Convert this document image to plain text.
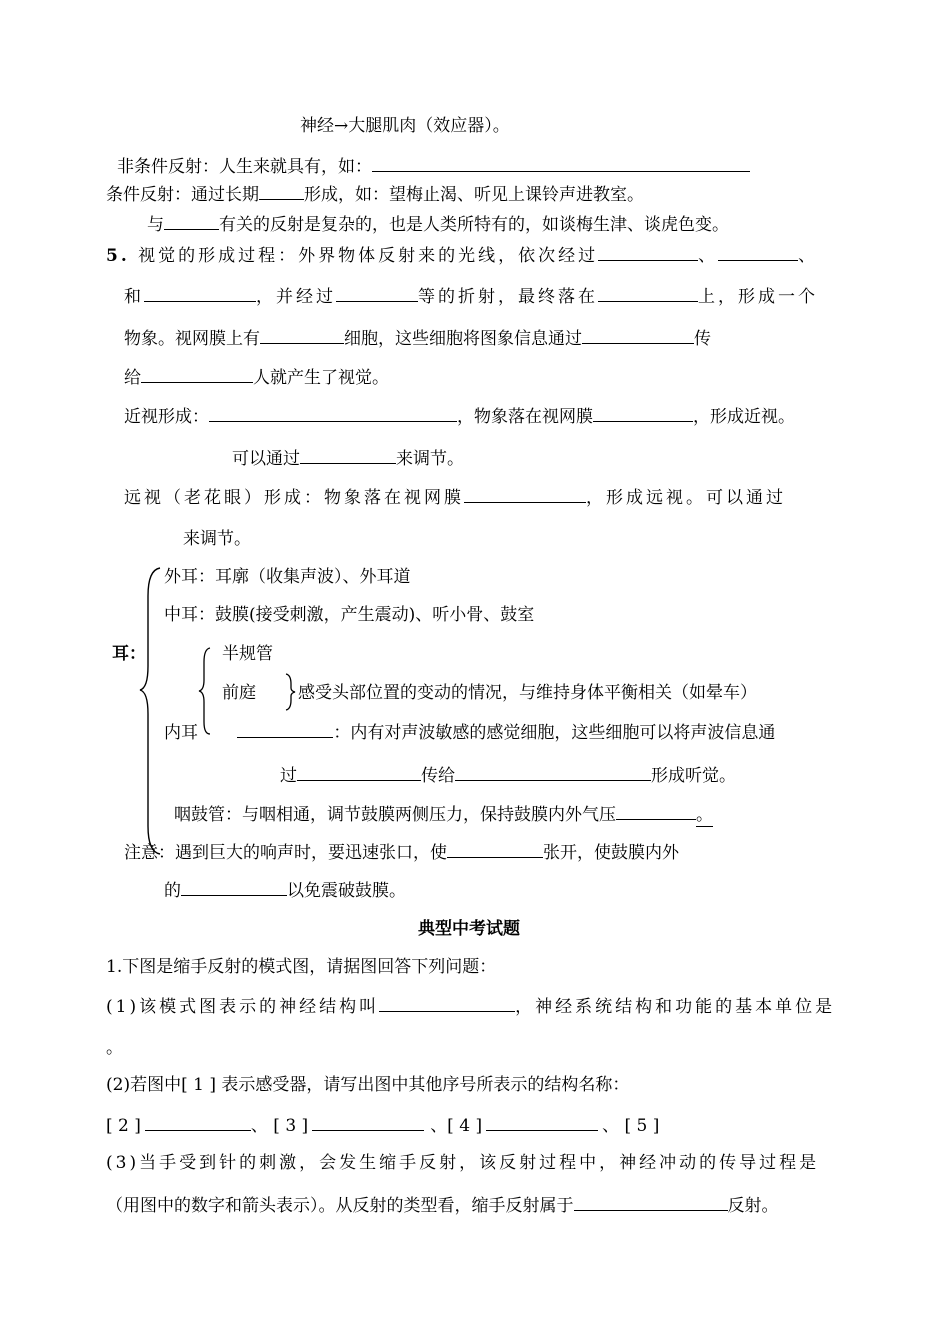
神经→大腿肌肉（效应器）。
非条件反射：人生来就具有，如：
条件反射：通过长期	形成，如：望梅止渴、听见上课铃声进教室。
与	有关的反射是复杂的，也是人类所特有的，如谈梅生津、谈虎色变。
5. 视觉的形成过程：外界物体反射来的光线，依次经过	、	、
和	，并经过	等的折射，最终落在	上，形成一个
物象。视网膜上有	细胞，这些细胞将图象信息通过	传
给	人就产生了视觉。
近视形成：	，物象落在视网膜	，形成近视。
可以通过	来调节。
远视（老花眼）形成：物象落在视网膜	，形成远视。可以通过
来调节。
耳：
外耳：耳廓（收集声波）、外耳道
中耳：鼓膜(接受刺激，产生震动)、听小骨、鼓室
半规管
前庭 感受头部位置的变动的情况，与维持身体平衡相关（如晕车）
内耳	：内有对声波敏感的感觉细胞，这些细胞可以将声波信息通
过	传给	形成听觉。
咽鼓管：与咽相通，调节鼓膜两侧压力，保持鼓膜内外气压	。
注意：遇到巨大的响声时，要迅速张口，使	张开，使鼓膜内外
的	以免震破鼓膜。
典型中考试题
1.下图是缩手反射的模式图，请据图回答下列问题：
(1)该模式图表示的神经结构叫	，神经系统结构和功能的基本单位是
。
(2)若图中[ 1 ] 表示感受器，请写出图中其他序号所表示的结构名称：
[ 2 ]	、 [ 3 ]	、[ 4 ]	、 [ 5 ]
(3)当手受到针的刺激，会发生缩手反射，该反射过程中，神经冲动的传导过程是
（用图中的数字和箭头表示）。从反射的类型看，缩手反射属于	反射。
